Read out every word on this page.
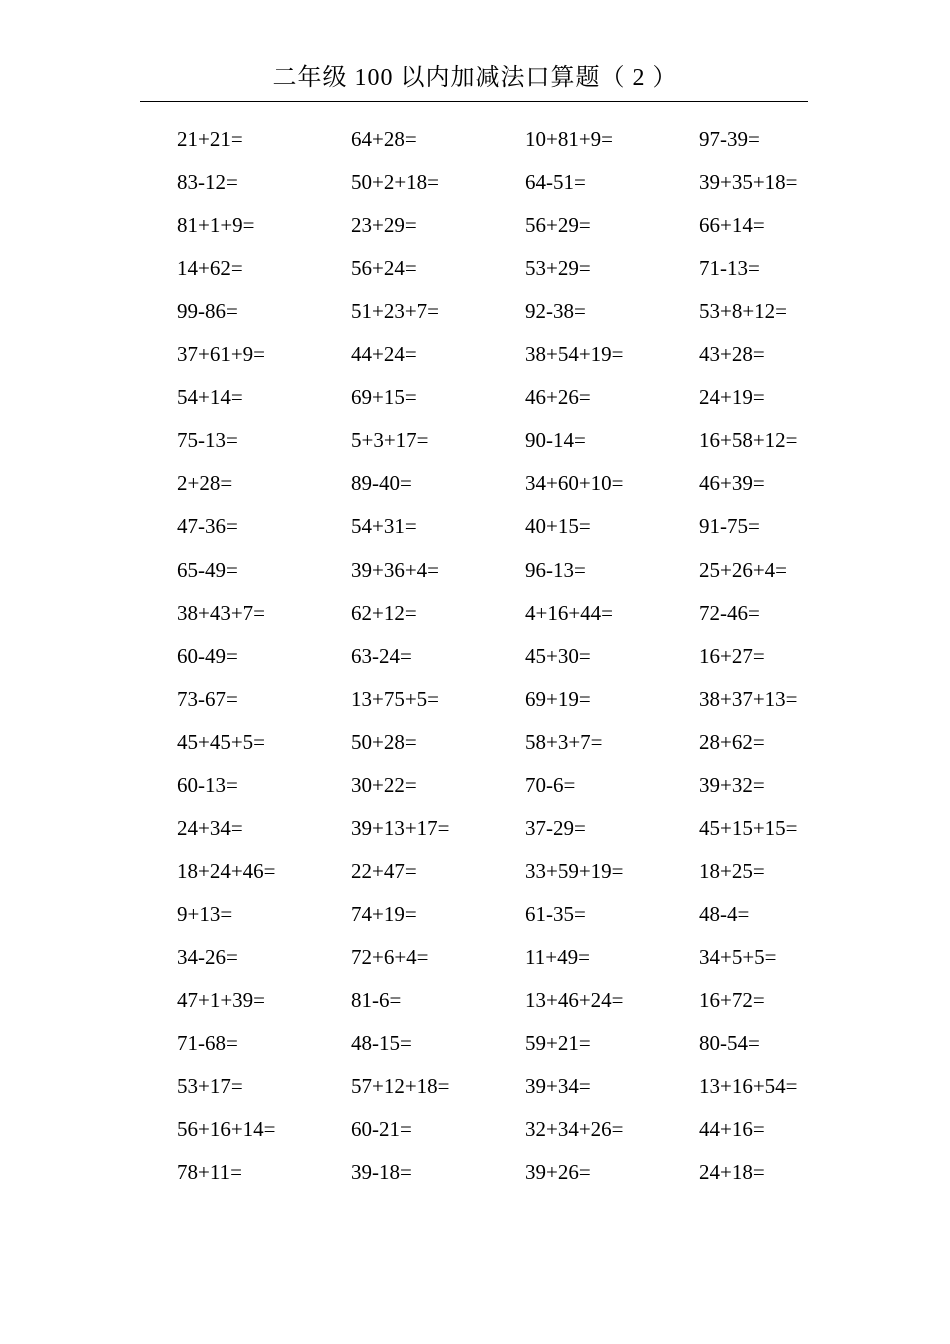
二年级 100 以内加减法口算题（ 2 ）
21+21=	64+28=	10+81+9=	97-39=
83-12=	50+2+18=	64-51=	39+35+18=
81+1+9=	23+29=	56+29=	66+14=
14+62=	56+24=	53+29=	71-13=
99-86=	51+23+7=	92-38=	53+8+12=
37+61+9=	44+24=	38+54+19=	43+28=
54+14=	69+15=	46+26=	24+19=
75-13=	5+3+17=	90-14=	16+58+12=
2+28=	89-40=	34+60+10=	46+39=
47-36=	54+31=	40+15=	91-75=
65-49=	39+36+4=	96-13=	25+26+4=
38+43+7=	62+12=	4+16+44=	72-46=
60-49=	63-24=	45+30=	16+27=
73-67=	13+75+5=	69+19=	38+37+13=
45+45+5=	50+28=	58+3+7=	28+62=
60-13=	30+22=	70-6=	39+32=
24+34=	39+13+17=	37-29=	45+15+15=
18+24+46=	22+47=	33+59+19=	18+25=
9+13=	74+19=	61-35=	48-4=
34-26=	72+6+4=	11+49=	34+5+5=
47+1+39=	81-6=	13+46+24=	16+72=
71-68=	48-15=	59+21=	80-54=
53+17=	57+12+18=	39+34=	13+16+54=
56+16+14=	60-21=	32+34+26=	44+16=
78+11=	39-18=	39+26=	24+18=
